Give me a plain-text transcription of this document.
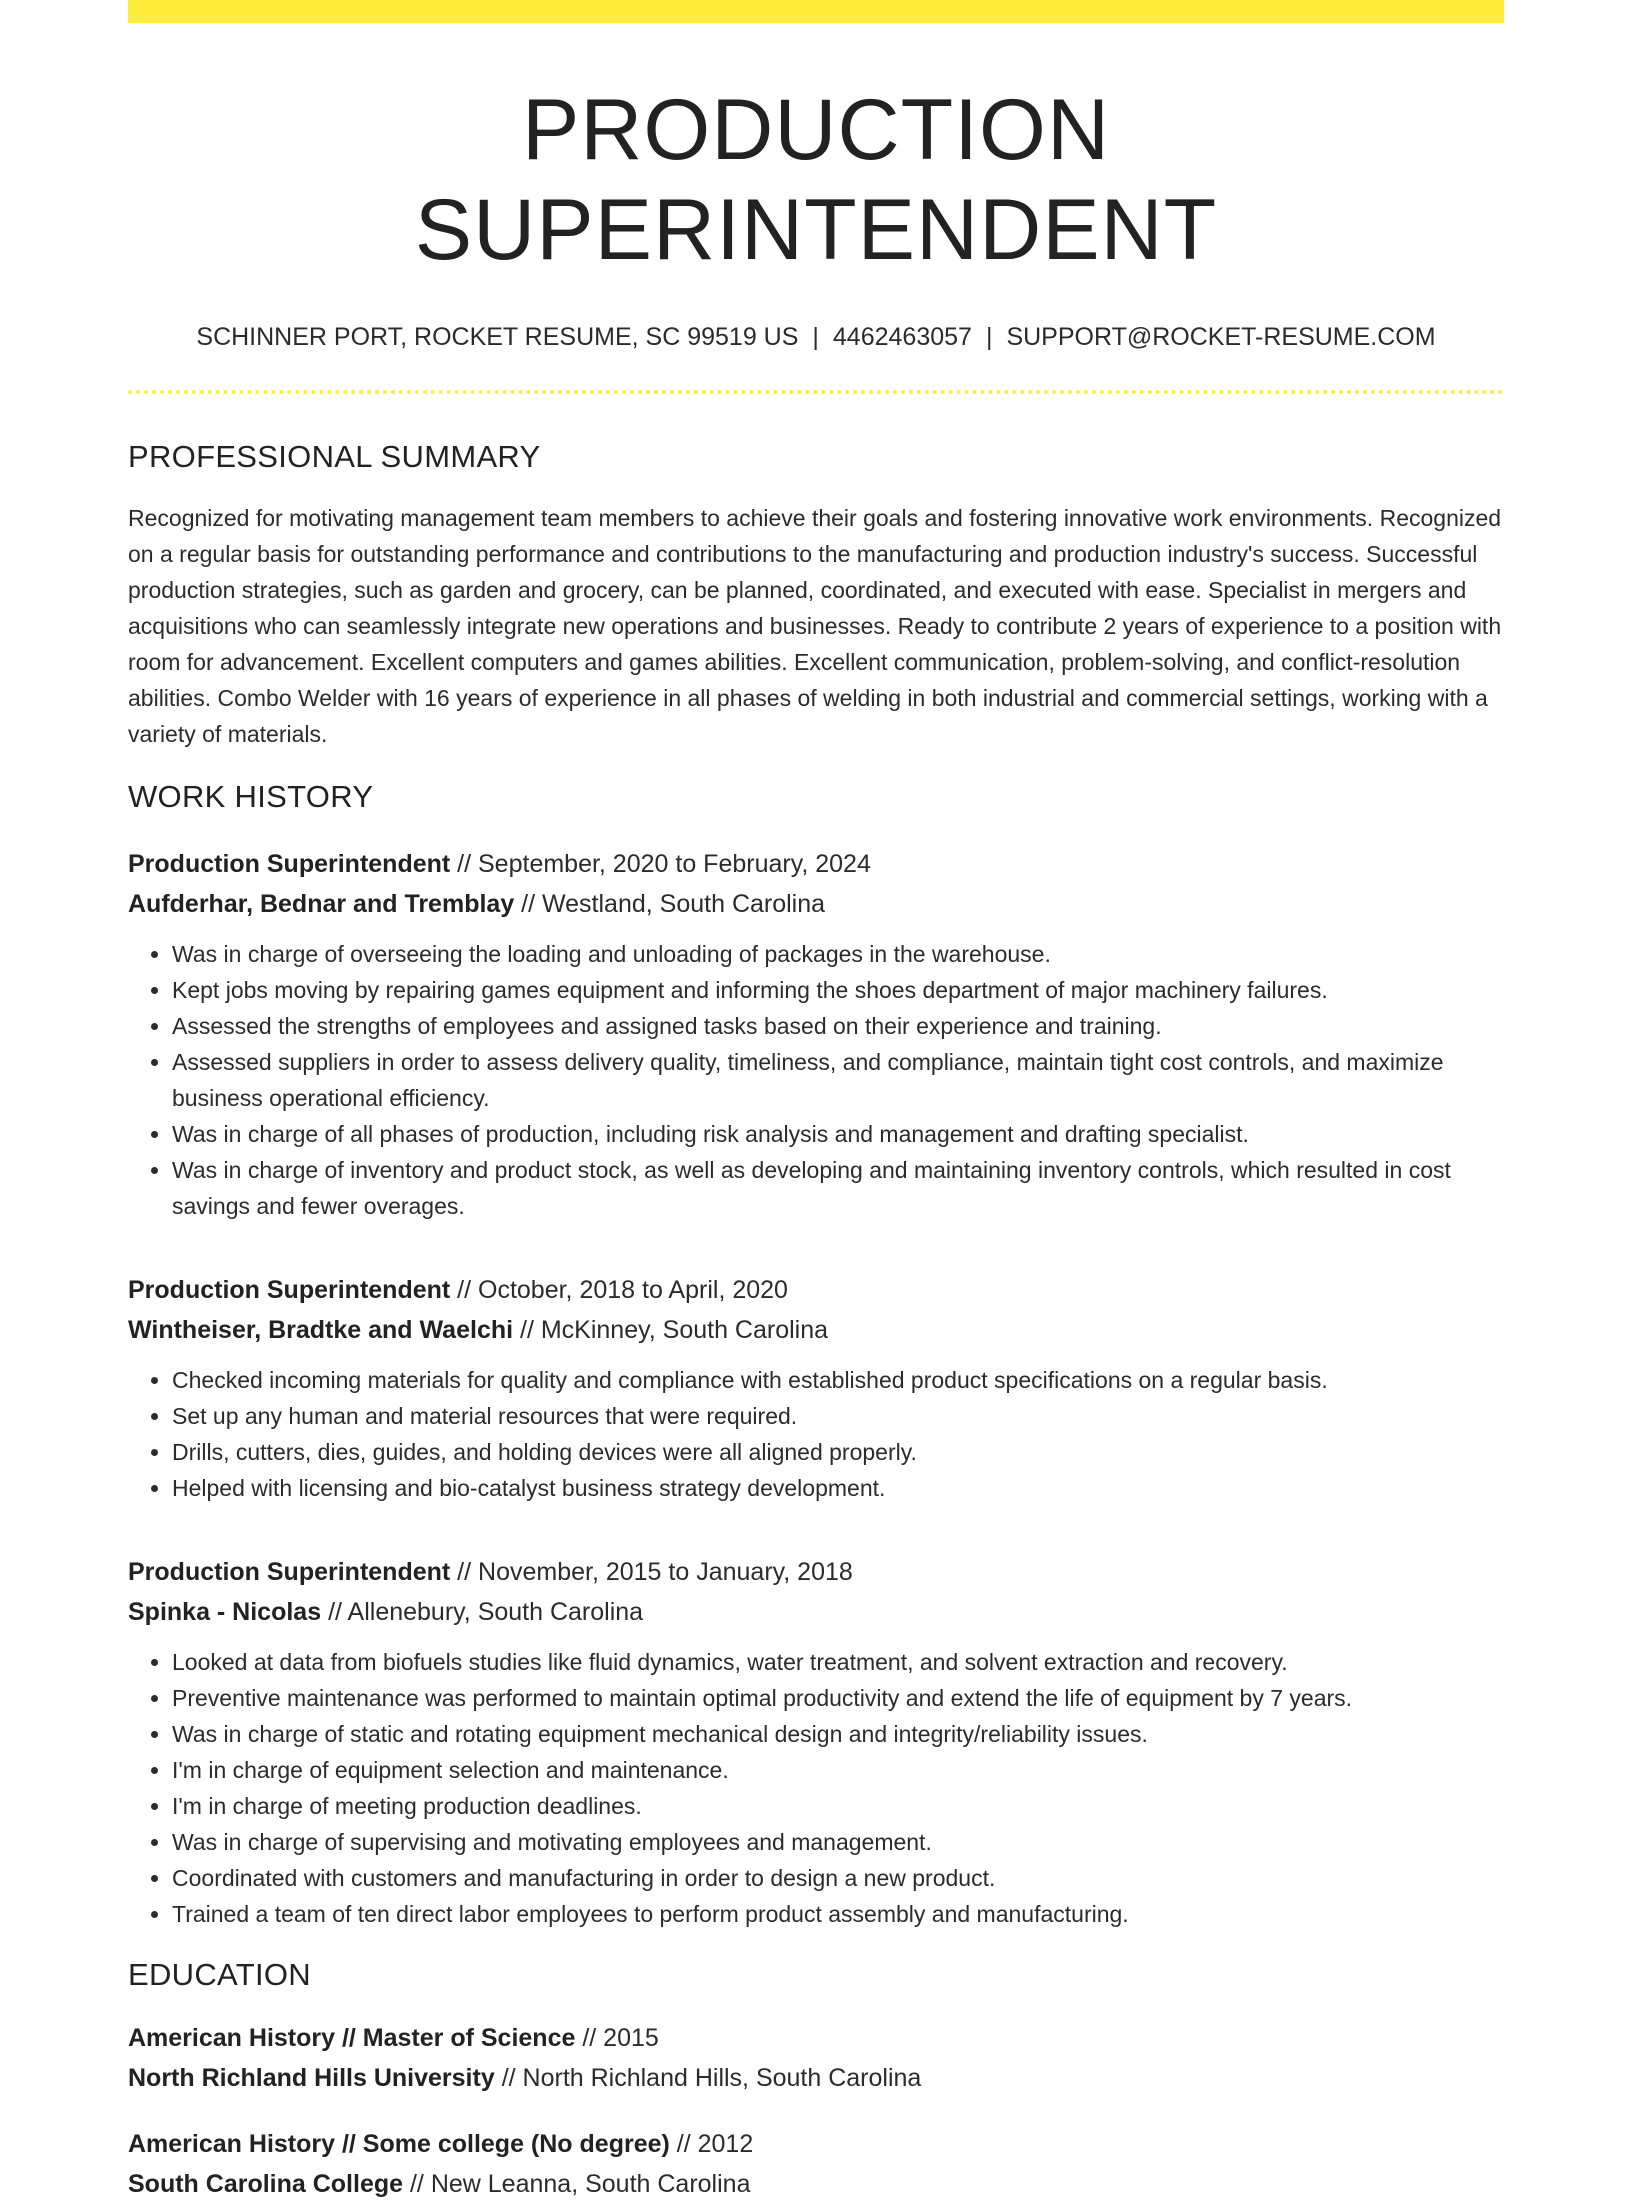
PRODUCTION SUPERINTENDENT
SCHINNER PORT, ROCKET RESUME, SC 99519 US | 4462463057 | SUPPORT@ROCKET-RESUME.COM
PROFESSIONAL SUMMARY
Recognized for motivating management team members to achieve their goals and fostering innovative work environments. Recognized on a regular basis for outstanding performance and contributions to the manufacturing and production industry's success. Successful production strategies, such as garden and grocery, can be planned, coordinated, and executed with ease. Specialist in mergers and acquisitions who can seamlessly integrate new operations and businesses. Ready to contribute 2 years of experience to a position with room for advancement. Excellent computers and games abilities. Excellent communication, problem-solving, and conflict-resolution abilities. Combo Welder with 16 years of experience in all phases of welding in both industrial and commercial settings, working with a variety of materials.
WORK HISTORY
Production Superintendent // September, 2020 to February, 2024
Aufderhar, Bednar and Tremblay // Westland, South Carolina
• Was in charge of overseeing the loading and unloading of packages in the warehouse.
• Kept jobs moving by repairing games equipment and informing the shoes department of major machinery failures.
• Assessed the strengths of employees and assigned tasks based on their experience and training.
• Assessed suppliers in order to assess delivery quality, timeliness, and compliance, maintain tight cost controls, and maximize business operational efficiency.
• Was in charge of all phases of production, including risk analysis and management and drafting specialist.
• Was in charge of inventory and product stock, as well as developing and maintaining inventory controls, which resulted in cost savings and fewer overages.
Production Superintendent // October, 2018 to April, 2020
Wintheiser, Bradtke and Waelchi // McKinney, South Carolina
• Checked incoming materials for quality and compliance with established product specifications on a regular basis.
• Set up any human and material resources that were required.
• Drills, cutters, dies, guides, and holding devices were all aligned properly.
• Helped with licensing and bio-catalyst business strategy development.
Production Superintendent // November, 2015 to January, 2018
Spinka - Nicolas // Allenebury, South Carolina
• Looked at data from biofuels studies like fluid dynamics, water treatment, and solvent extraction and recovery.
• Preventive maintenance was performed to maintain optimal productivity and extend the life of equipment by 7 years.
• Was in charge of static and rotating equipment mechanical design and integrity/reliability issues.
• I'm in charge of equipment selection and maintenance.
• I'm in charge of meeting production deadlines.
• Was in charge of supervising and motivating employees and management.
• Coordinated with customers and manufacturing in order to design a new product.
• Trained a team of ten direct labor employees to perform product assembly and manufacturing.
EDUCATION
American History // Master of Science // 2015
North Richland Hills University // North Richland Hills, South Carolina
American History // Some college (No degree) // 2012
South Carolina College // New Leanna, South Carolina
